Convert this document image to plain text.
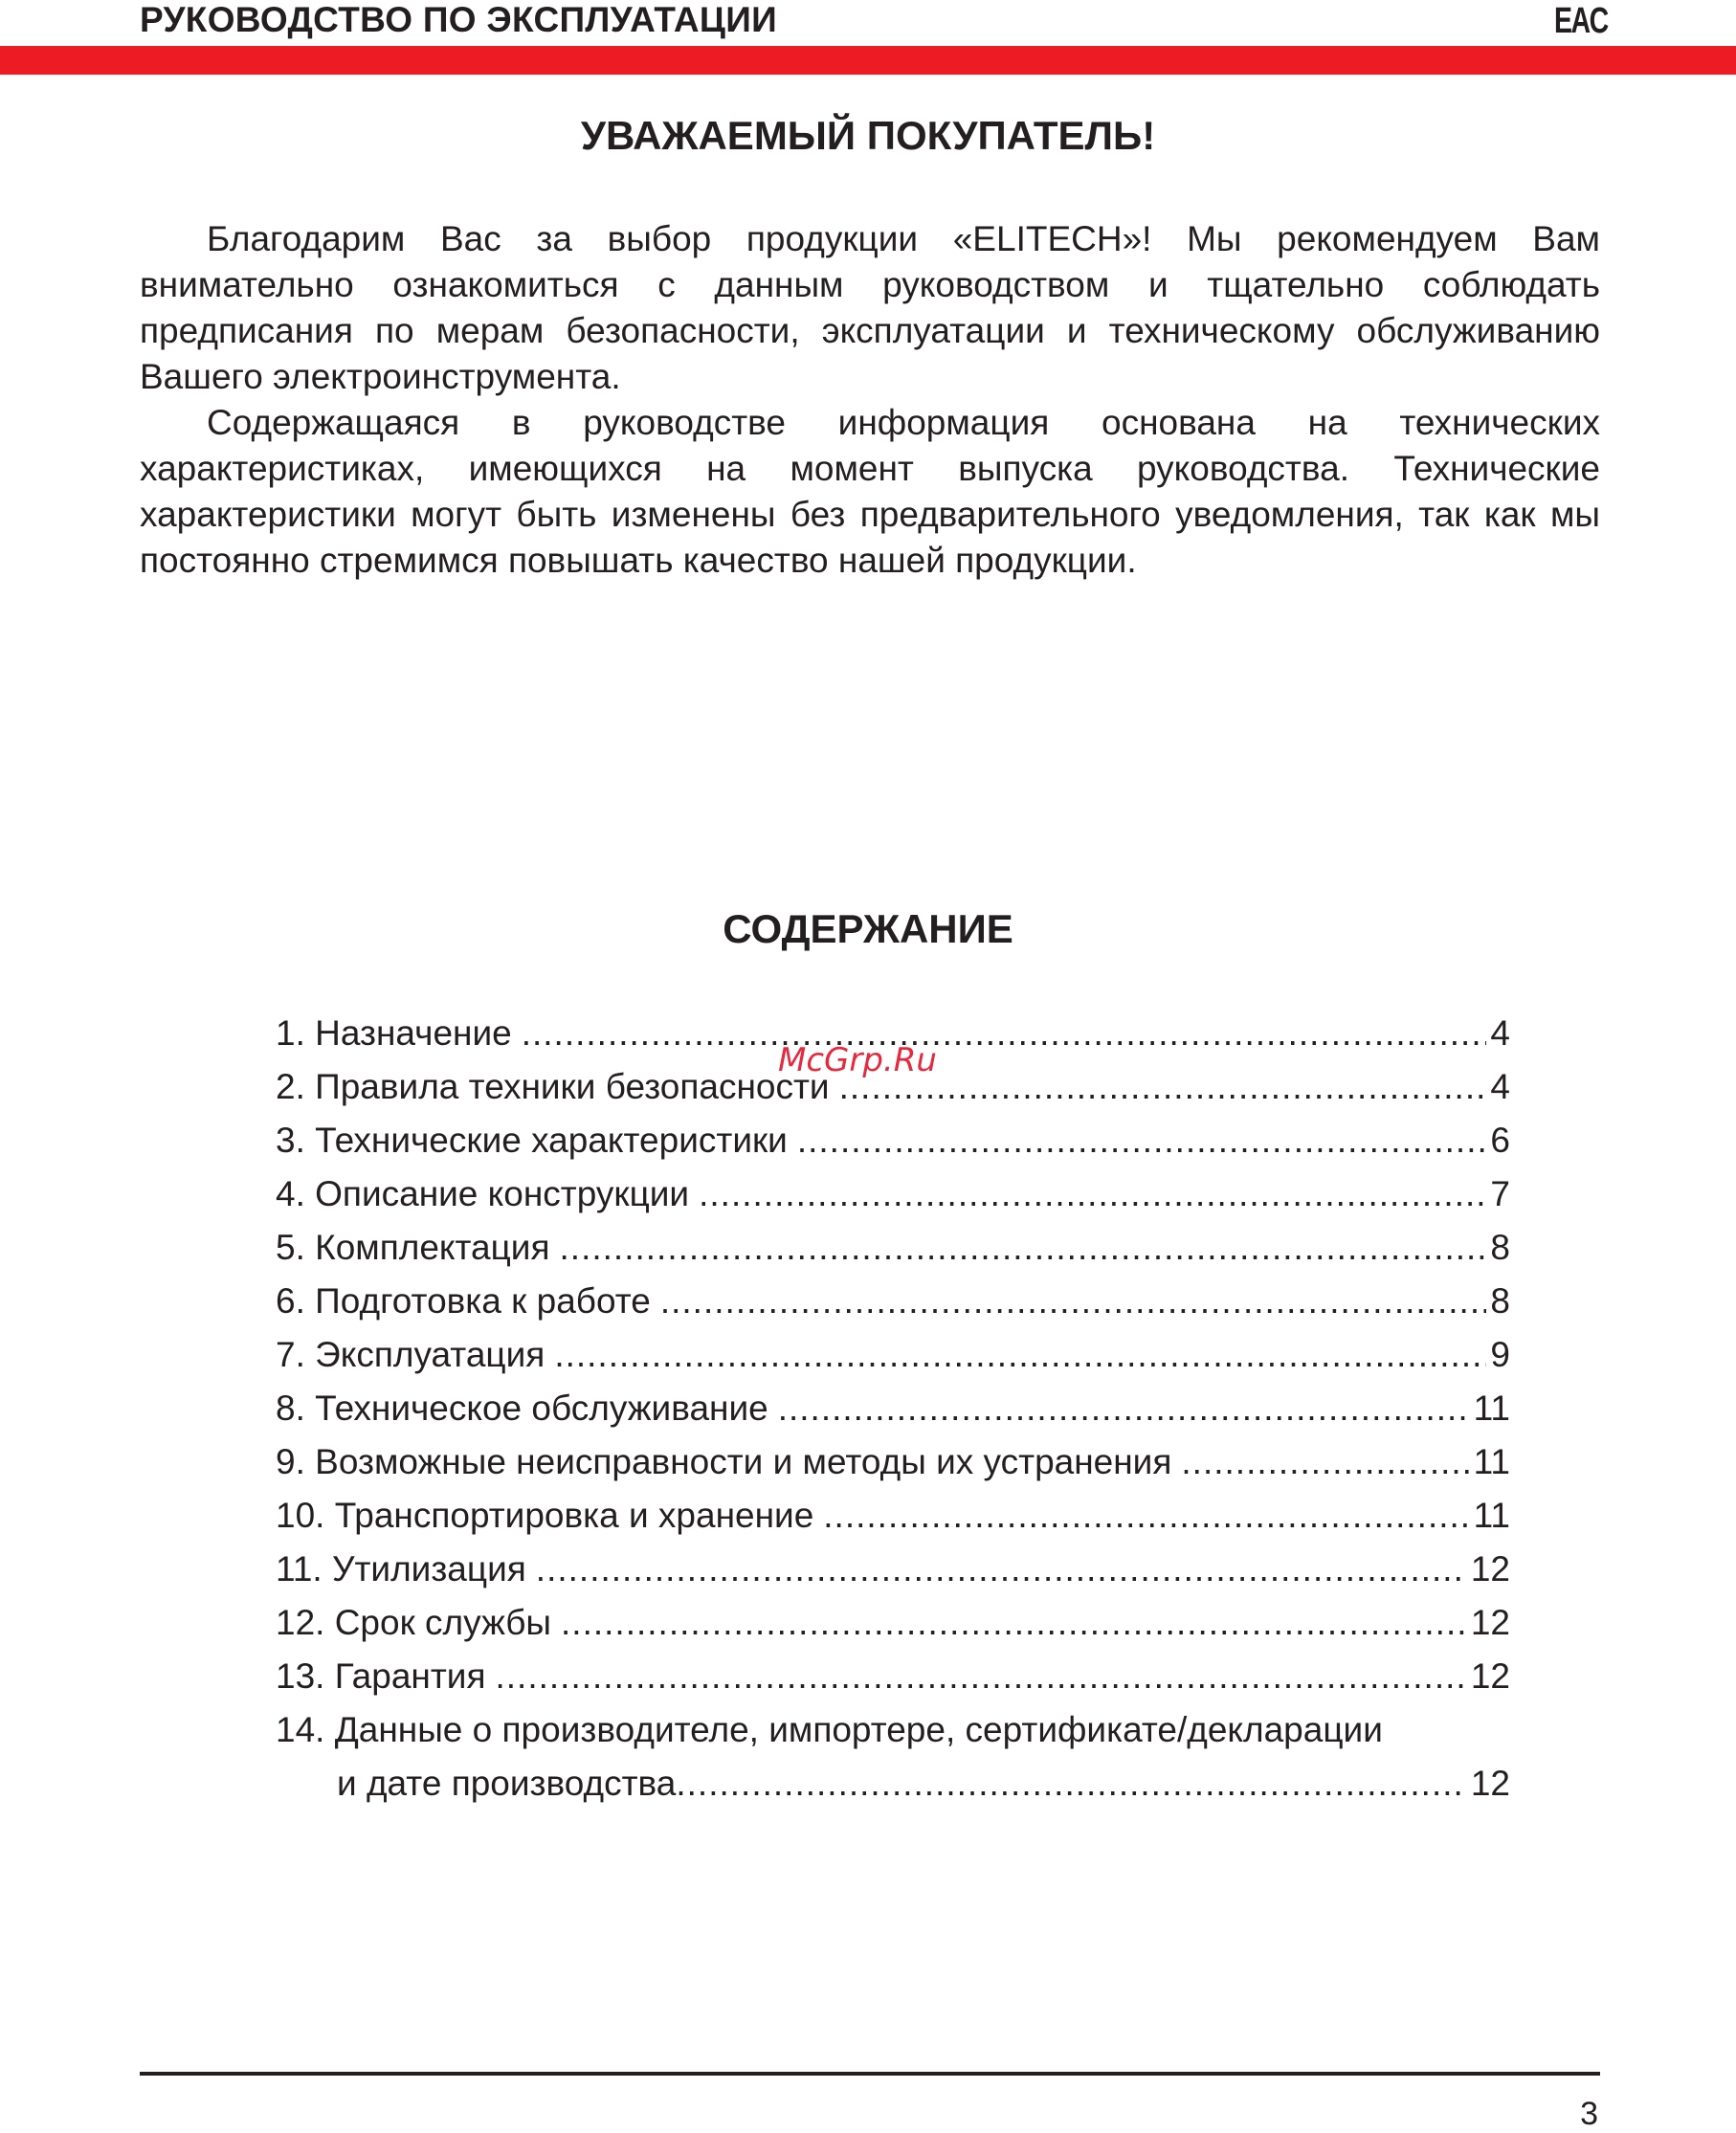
РУКОВОДСТВО ПО ЭКСПЛУАТАЦИИ	EAC
УВАЖАЕМЫЙ ПОКУПАТЕЛЬ!

Благодарим Вас за выбор продукции «ELITECH»! Мы рекомендуем Вам внимательно ознакомиться с данным руководством и тщательно соблюдать предписания по мерам безопасности, эксплуатации и техническому обслуживанию Вашего электроинструмента.

Содержащаяся в руководстве информация основана на технических характеристиках, имеющихся на момент выпуска руководства. Технические характеристики могут быть изменены без предварительного уведомления, так как мы постоянно стремимся повышать качество нашей продукции.

СОДЕРЖАНИЕ
1. Назначение .....	4
2. Правила техники безопасности .....	4
3. Технические характеристики .....	6
4. Описание конструкции .....	7
5. Комплектация .....	8
6. Подготовка к работе .....	8
7. Эксплуатация .....	9
8. Техническое обслуживание .....	11
9. Возможные неисправности и методы их устранения .....	11
10. Транспортировка и хранение .....	11
11. Утилизация .....	12
12. Срок службы .....	12
13. Гарантия .....	12
14. Данные о производителе, импортере, сертификате/декларации
и дате производства .....	12
McGrp.Ru
3
